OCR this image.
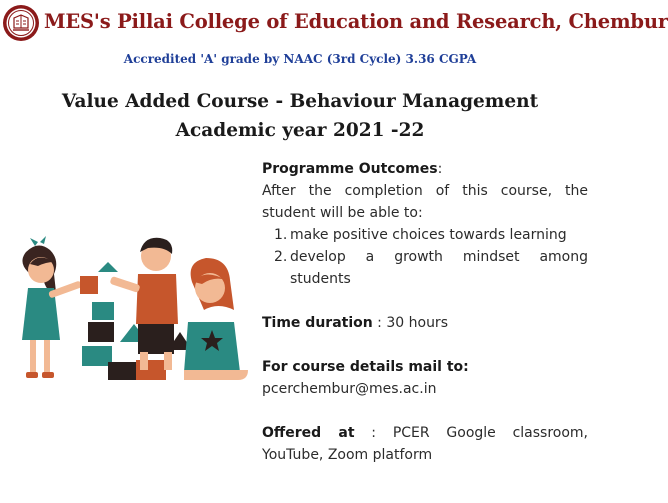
MES's Pillai College of Education and Research, Chembur
Accredited 'A' grade by NAAC (3rd Cycle) 3.36 CGPA
Value Added Course - Behaviour Management
Academic year 2021 -22

Programme Outcomes:

After the completion of this course, the student will be able to:

1. make positive choices towards learning
2. develop a growth mindset among students

Time duration : 30 hours

For course details mail to:

pcerchembur@mes.ac.in

Offered at : PCER Google classroom, YouTube, Zoom platform
